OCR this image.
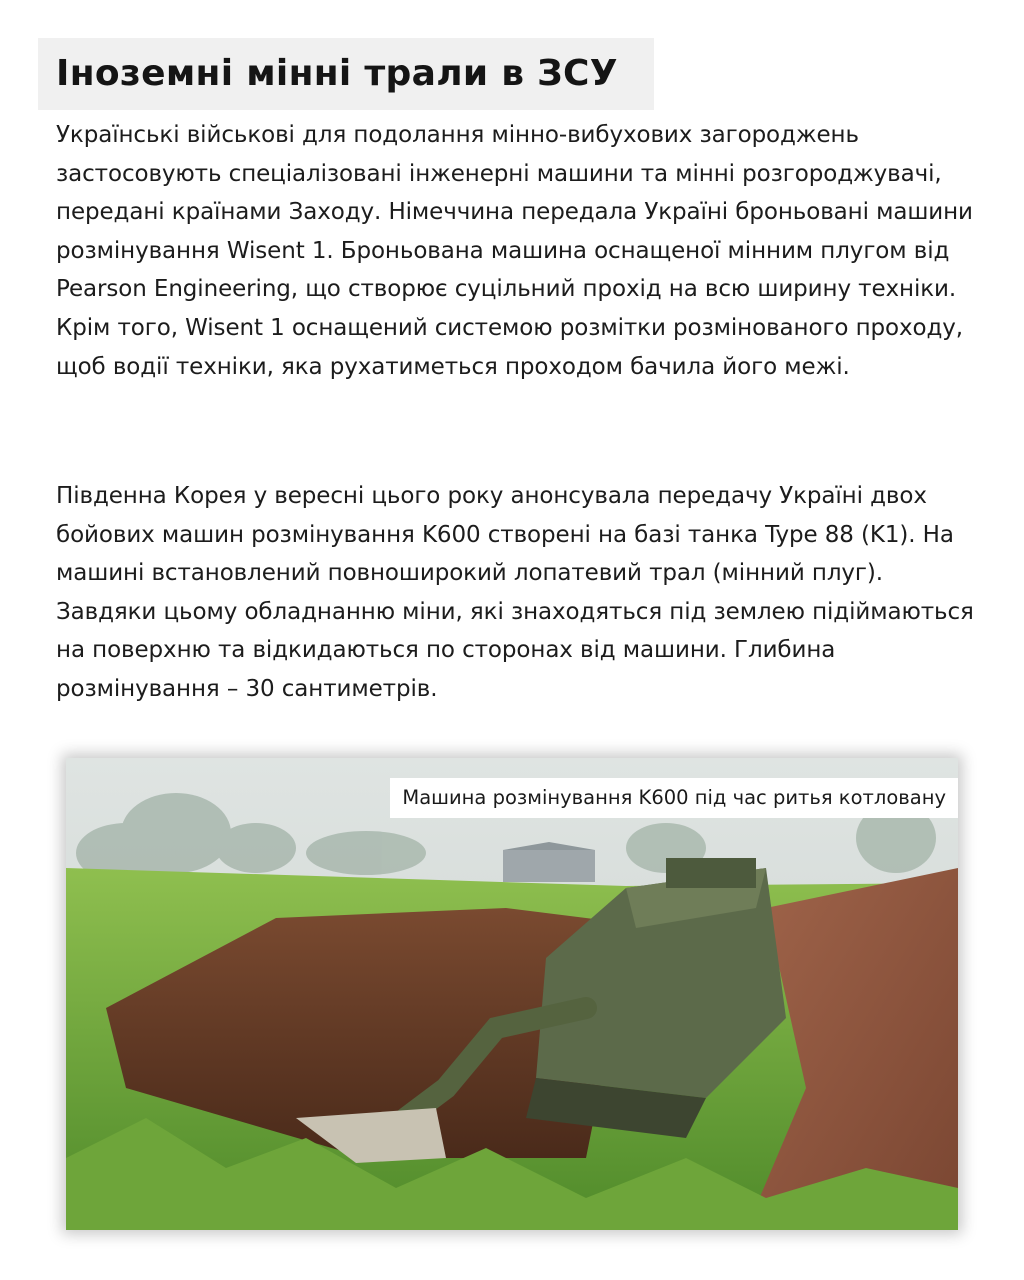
Іноземні мінні трали в ЗСУ

Українські військові для подолання мінно-вибухових загороджень застосовують спеціалізовані інженерні машини та мінні розгороджувачі, передані країнами Заходу. Німеччина передала Україні броньовані машини розмінування Wisent 1. Броньована машина оснащеної мінним плугом від Pearson Engineering, що створює суцільний прохід на всю ширину техніки. Крім того, Wisent 1 оснащений системою розмітки розмінованого проходу, щоб водії техніки, яка рухатиметься проходом бачила його межі.

Південна Корея у вересні цього року анонсувала передачу Україні двох бойових машин розмінування K600 створені на базі танка Type 88 (K1). На машині встановлений повноширокий лопатевий трал (мінний плуг). Завдяки цьому обладнанню міни, які знаходяться під землею підіймаються на поверхню та відкидаються по сторонах від машини. Глибина розмінування – 30 сантиметрів.

Машина розмінування K600 під час ритья котловану
